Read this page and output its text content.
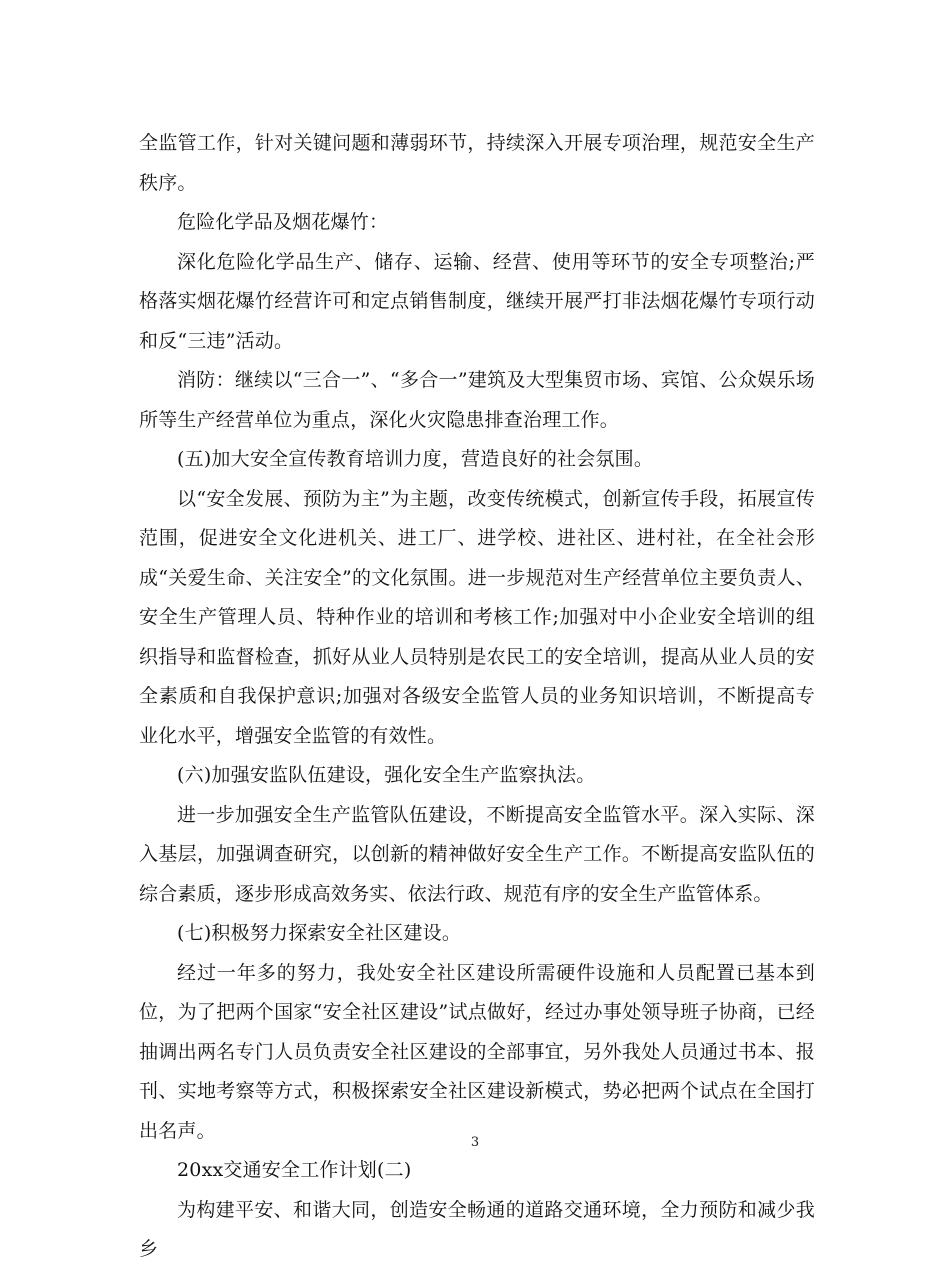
全监管工作，针对关键问题和薄弱环节，持续深入开展专项治理，规范安全生产秩序。

危险化学品及烟花爆竹：

深化危险化学品生产、储存、运输、经营、使用等环节的安全专项整治;严格落实烟花爆竹经营许可和定点销售制度，继续开展严打非法烟花爆竹专项行动和反“三违”活动。

消防：继续以“三合一”、“多合一”建筑及大型集贸市场、宾馆、公众娱乐场所等生产经营单位为重点，深化火灾隐患排查治理工作。

(五)加大安全宣传教育培训力度，营造良好的社会氛围。

以“安全发展、预防为主”为主题，改变传统模式，创新宣传手段，拓展宣传范围，促进安全文化进机关、进工厂、进学校、进社区、进村社，在全社会形成“关爱生命、关注安全”的文化氛围。进一步规范对生产经营单位主要负责人、安全生产管理人员、特种作业的培训和考核工作;加强对中小企业安全培训的组织指导和监督检查，抓好从业人员特别是农民工的安全培训，提高从业人员的安全素质和自我保护意识;加强对各级安全监管人员的业务知识培训，不断提高专业化水平，增强安全监管的有效性。

(六)加强安监队伍建设，强化安全生产监察执法。

进一步加强安全生产监管队伍建设，不断提高安全监管水平。深入实际、深入基层，加强调查研究，以创新的精神做好安全生产工作。不断提高安监队伍的综合素质，逐步形成高效务实、依法行政、规范有序的安全生产监管体系。

(七)积极努力探索安全社区建设。

经过一年多的努力，我处安全社区建设所需硬件设施和人员配置已基本到位，为了把两个国家“安全社区建设”试点做好，经过办事处领导班子协商，已经抽调出两名专门人员负责安全社区建设的全部事宜，另外我处人员通过书本、报刊、实地考察等方式，积极探索安全社区建设新模式，势必把两个试点在全国打出名声。

20xx交通安全工作计划(二)

为构建平安、和谐大同，创造安全畅通的道路交通环境，全力预防和减少我乡

3
